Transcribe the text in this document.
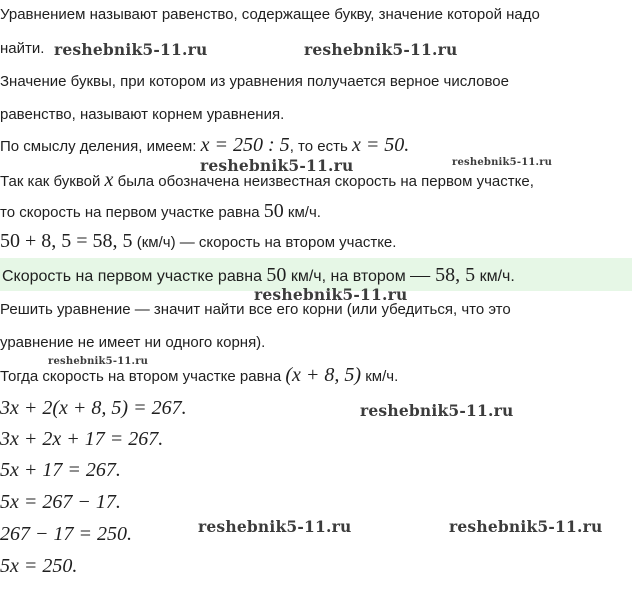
Уравнением называют равенство, содержащее букву, значение которой надо
найти.
Значение буквы, при котором из уравнения получается верное числовое
равенство, называют корнем уравнения.
По смыслу деления, имеем: x = 250 : 5, то есть x = 50.
Так как буквой x была обозначена неизвестная скорость на первом участке,
то скорость на первом участке равна 50 км/ч.
50 + 8, 5 = 58, 5 (км/ч) — скорость на втором участке.
Скорость на первом участке равна 50 км/ч, на втором — 58, 5 км/ч.
Решить уравнение — значит найти все его корни (или убедиться, что это
уравнение не имеет ни одного корня).
Тогда скорость на втором участке равна (x + 8, 5) км/ч.
3x + 2(x + 8, 5) = 267.
3x + 2x + 17 = 267.
5x + 17 = 267.
5x = 267 − 17.
267 − 17 = 250.
5x = 250.
reshebnik5-11.ru	reshebnik5-11.ru
reshebnik5-11.ru	reshebnik5-11.ru
reshebnik5-11.ru
reshebnik5-11.ru
reshebnik5-11.ru
reshebnik5-11.ru	reshebnik5-11.ru
